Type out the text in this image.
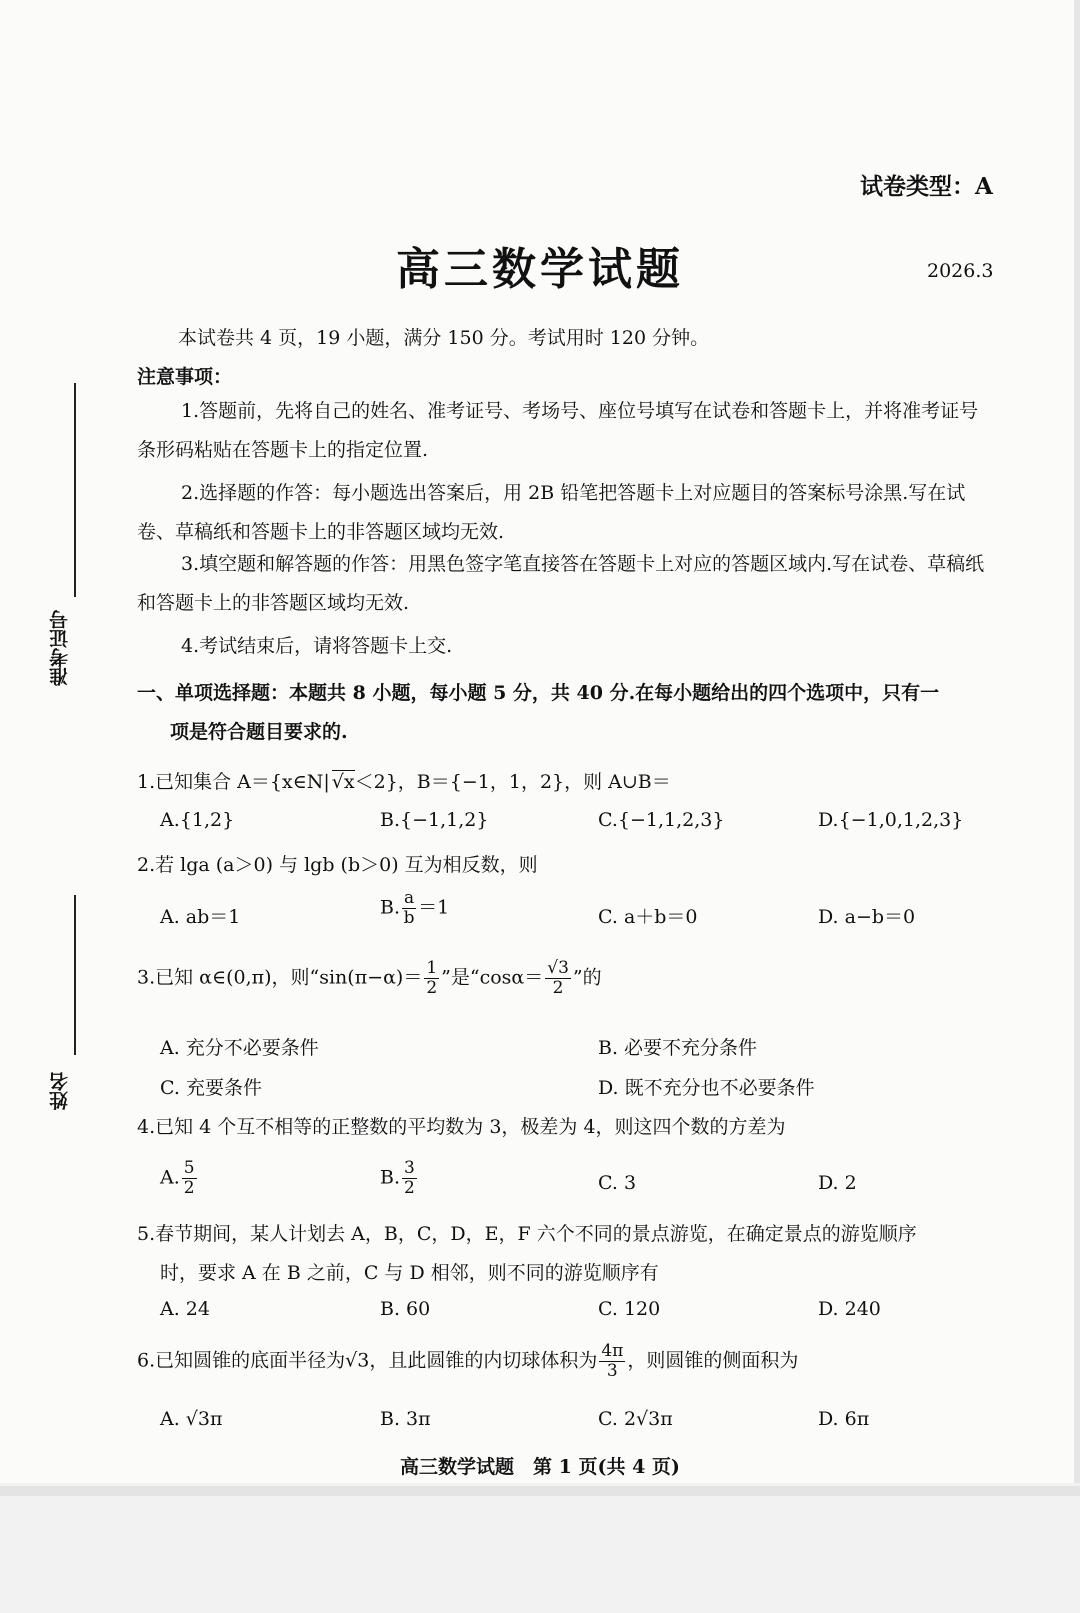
试卷类型：A
高三数学试题	2026.3
本试卷共 4 页，19 小题，满分 150 分。考试用时 120 分钟。
注意事项：
1.答题前，先将自己的姓名、准考证号、考场号、座位号填写在试卷和答题卡上，并将准考证号条形码粘贴在答题卡上的指定位置.
2.选择题的作答：每小题选出答案后，用 2B 铅笔把答题卡上对应题目的答案标号涂黑.写在试卷、草稿纸和答题卡上的非答题区域均无效.
3.填空题和解答题的作答：用黑色签字笔直接答在答题卡上对应的答题区域内.写在试卷、草稿纸和答题卡上的非答题区域均无效.
4.考试结束后，请将答题卡上交.
一、单项选择题：本题共 8 小题，每小题 5 分，共 40 分.在每小题给出的四个选项中，只有一
项是符合题目要求的.
准考证号
姓名
1.已知集合 A＝{x∈N| √x＜2}，B＝{−1，1，2}，则 A∪B＝
A.{1,2}	B.{−1,1,2}	C.{−1,1,2,3}	D.{−1,0,1,2,3}
2.若 lga (a＞0) 与 lgb (b＞0) 互为相反数，则
A. ab＝1	B. $\frac{a}{b} =1$	C. a＋b＝0	D. a−b＝0
3.已知 α∈(0,π)，则“$\sin(\pi-\alpha)= \frac{1}{2}$ ”是“$\cos\alpha= \frac{√3}{2}$ ”的
A. 充分不必要条件	B. 必要不充分条件
C. 充要条件	D. 既不充分也不必要条件
4.已知 4 个互不相等的正整数的平均数为 3，极差为 4，则这四个数的方差为
A. $\frac{5}{2}$	B. $\frac{3}{2}$	C. 3	D. 2
5.春节期间，某人计划去 A，B，C，D，E，F 六个不同的景点游览，在确定景点的游览顺序
时，要求 A 在 B 之前，C 与 D 相邻，则不同的游览顺序有
A. 24	B. 60	C. 120	D. 240
6.已知圆锥的底面半径为√3，且此圆锥的内切球体积为 $\frac{4\pi}{3}$ ，则圆锥的侧面积为
A. √3π	B. 3π	C. 2√3π	D. 6π
高三数学试题　第 1 页(共 4 页)
